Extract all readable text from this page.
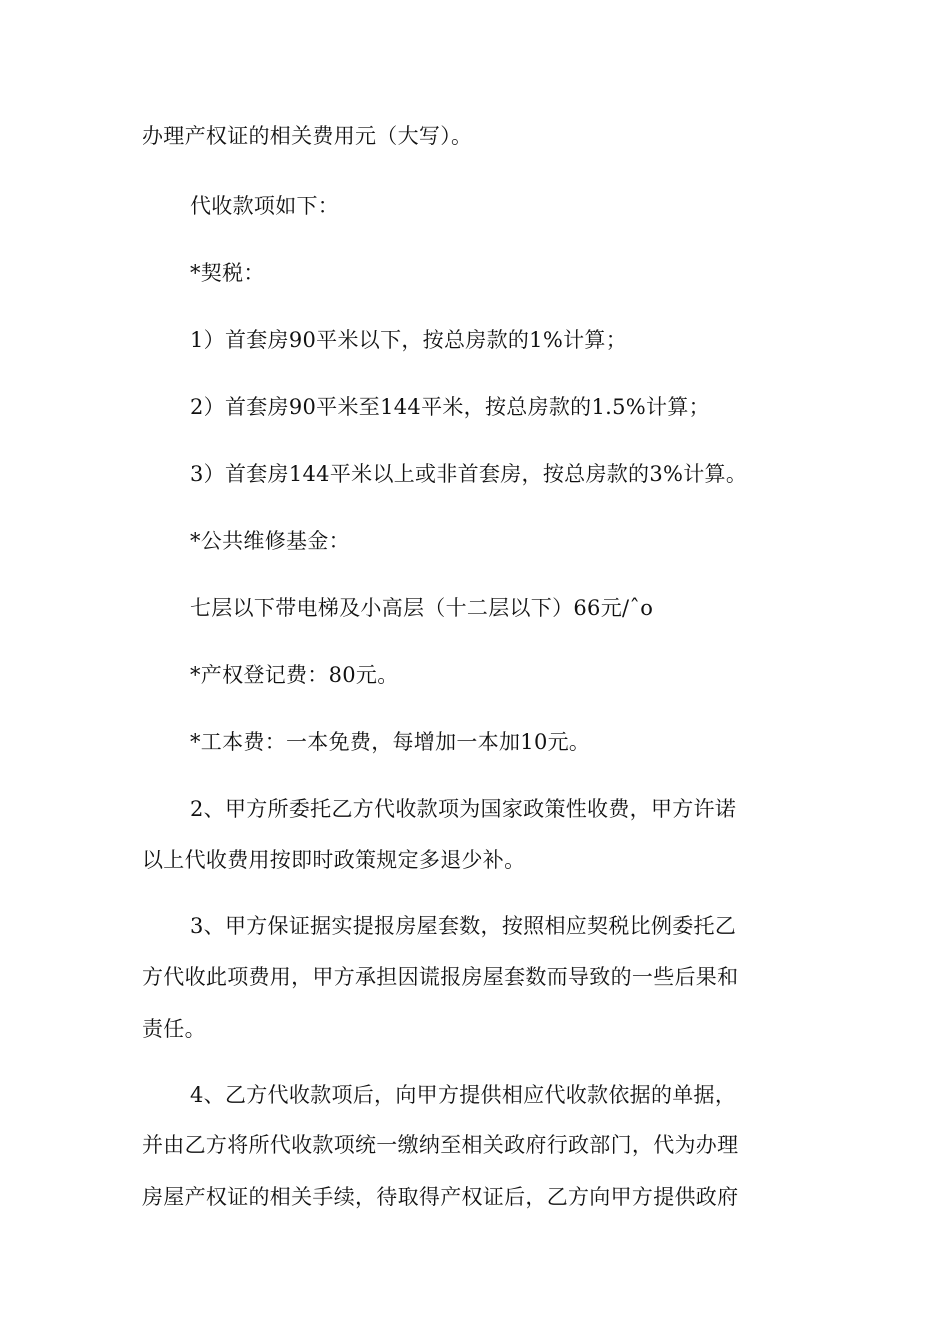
办理产权证的相关费用元（大写）。
代收款项如下：
*契税：
1）首套房90平米以下，按总房款的1%计算；
2）首套房90平米至144平米，按总房款的1.5%计算；
3）首套房144平米以上或非首套房，按总房款的3%计算。
*公共维修基金：
七层以下带电梯及小高层（十二层以下）66元/ˆo
*产权登记费：80元。
*工本费：一本免费，每增加一本加10元。
2、甲方所委托乙方代收款项为国家政策性收费，甲方许诺
以上代收费用按即时政策规定多退少补。
3、甲方保证据实提报房屋套数，按照相应契税比例委托乙
方代收此项费用，甲方承担因谎报房屋套数而导致的一些后果和
责任。
4、乙方代收款项后，向甲方提供相应代收款依据的单据，
并由乙方将所代收款项统一缴纳至相关政府行政部门，代为办理
房屋产权证的相关手续，待取得产权证后，乙方向甲方提供政府
